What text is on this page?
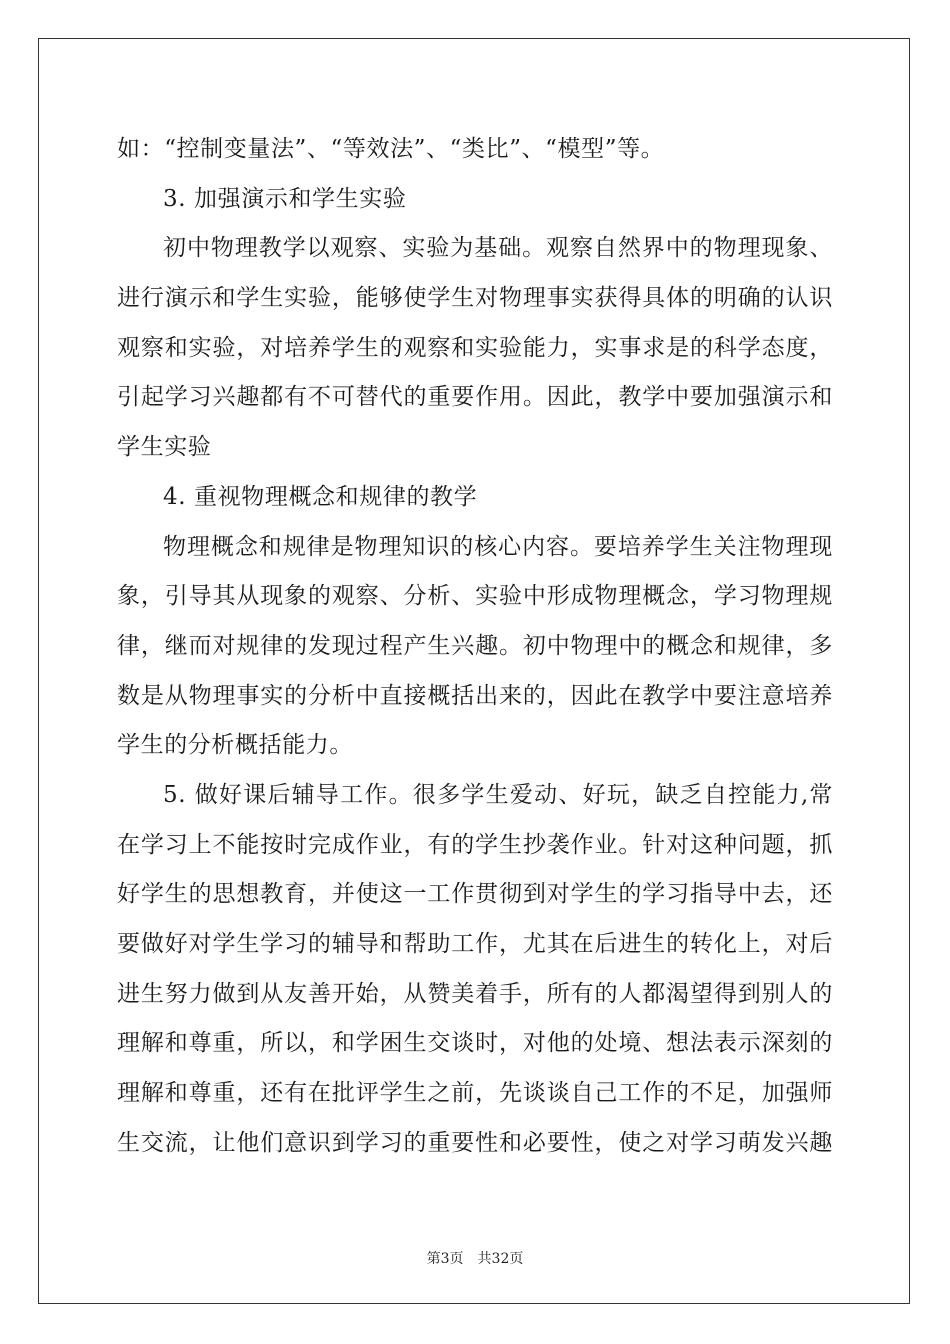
如：“控制变量法”、“等效法”、“类比”、“模型”等。
3. 加强演示和学生实验
初中物理教学以观察、实验为基础。观察自然界中的物理现象、
进行演示和学生实验，能够使学生对物理事实获得具体的明确的认识
观察和实验，对培养学生的观察和实验能力，实事求是的科学态度，
引起学习兴趣都有不可替代的重要作用。因此，教学中要加强演示和
学生实验
4. 重视物理概念和规律的教学
物理概念和规律是物理知识的核心内容。要培养学生关注物理现
象，引导其从现象的观察、分析、实验中形成物理概念，学习物理规
律，继而对规律的发现过程产生兴趣。初中物理中的概念和规律，多
数是从物理事实的分析中直接概括出来的，因此在教学中要注意培养
学生的分析概括能力。
5. 做好课后辅导工作。很多学生爱动、好玩，缺乏自控能力,常
在学习上不能按时完成作业，有的学生抄袭作业。针对这种问题，抓
好学生的思想教育，并使这一工作贯彻到对学生的学习指导中去，还
要做好对学生学习的辅导和帮助工作，尤其在后进生的转化上，对后
进生努力做到从友善开始，从赞美着手，所有的人都渴望得到别人的
理解和尊重，所以，和学困生交谈时，对他的处境、想法表示深刻的
理解和尊重，还有在批评学生之前，先谈谈自己工作的不足，加强师
生交流，让他们意识到学习的重要性和必要性，使之对学习萌发兴趣
第3页 共32页
